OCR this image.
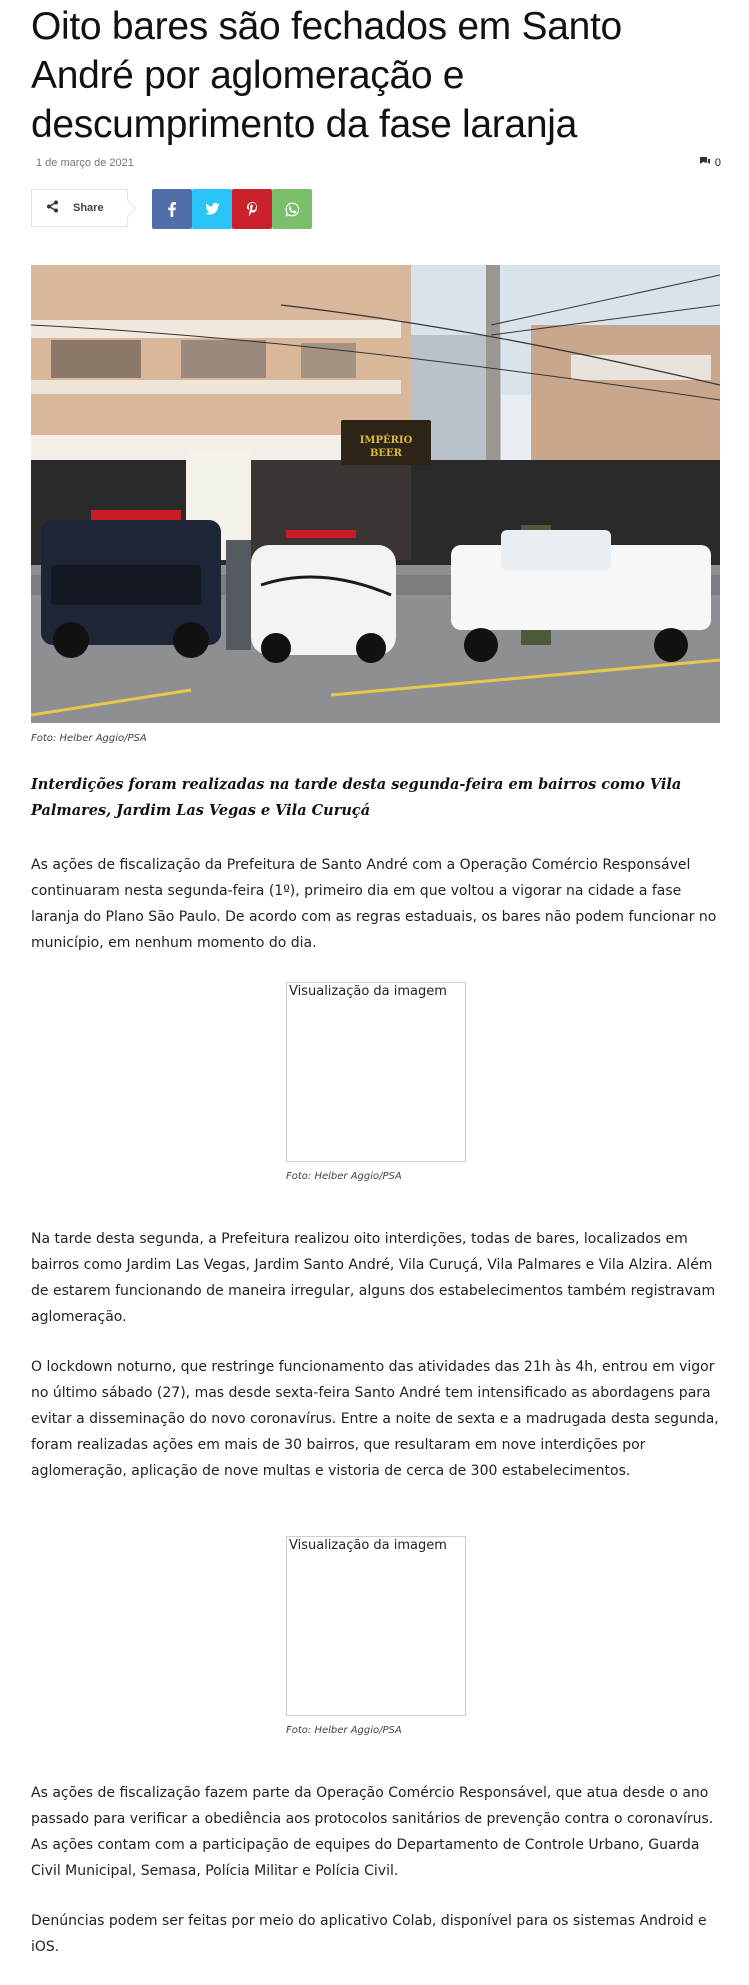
Oito bares são fechados em Santo André por aglomeração e descumprimento da fase laranja
1 de março de 2021	0
Share
IMPÉRIO
BEER
Foto: Helber Aggio/PSA

Interdições foram realizadas na tarde desta segunda-feira em bairros como Vila Palmares, Jardim Las Vegas e Vila Curuçá

As ações de fiscalização da Prefeitura de Santo André com a Operação Comércio Responsável continuaram nesta segunda-feira (1º), primeiro dia em que voltou a vigorar na cidade a fase laranja do Plano São Paulo. De acordo com as regras estaduais, os bares não podem funcionar no município, em nenhum momento do dia.

Visualização da imagem
Foto: Helber Aggio/PSA

Na tarde desta segunda, a Prefeitura realizou oito interdições, todas de bares, localizados em bairros como Jardim Las Vegas, Jardim Santo André, Vila Curuçá, Vila Palmares e Vila Alzira. Além de estarem funcionando de maneira irregular, alguns dos estabelecimentos também registravam aglomeração.

O lockdown noturno, que restringe funcionamento das atividades das 21h às 4h, entrou em vigor no último sábado (27), mas desde sexta-feira Santo André tem intensificado as abordagens para evitar a disseminação do novo coronavírus. Entre a noite de sexta e a madrugada desta segunda, foram realizadas ações em mais de 30 bairros, que resultaram em nove interdições por aglomeração, aplicação de nove multas e vistoria de cerca de 300 estabelecimentos.

Visualização da imagem
Foto: Helber Aggio/PSA

As ações de fiscalização fazem parte da Operação Comércio Responsável, que atua desde o ano passado para verificar a obediência aos protocolos sanitários de prevenção contra o coronavírus. As ações contam com a participação de equipes do Departamento de Controle Urbano, Guarda Civil Municipal, Semasa, Polícia Militar e Polícia Civil.

Denúncias podem ser feitas por meio do aplicativo Colab, disponível para os sistemas Android e iOS.
